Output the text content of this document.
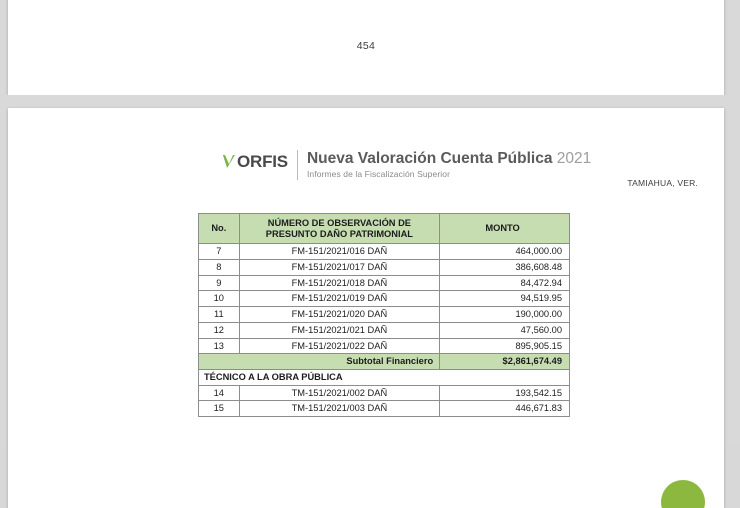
454
ORFIS Nueva Valoración Cuenta Pública 2021
Informes de la Fiscalización Superior
TAMIAHUA, VER.
No.	NÚMERO DE OBSERVACIÓN DE PRESUNTO DAÑO PATRIMONIAL	MONTO
7	FM-151/2021/016 DAÑ	464,000.00
8	FM-151/2021/017 DAÑ	386,608.48
9	FM-151/2021/018 DAÑ	84,472.94
10	FM-151/2021/019 DAÑ	94,519.95
11	FM-151/2021/020 DAÑ	190,000.00
12	FM-151/2021/021 DAÑ	47,560.00
13	FM-151/2021/022 DAÑ	895,905.15
Subtotal Financiero		$2,861,674.49
TÉCNICO A LA OBRA PÚBLICA		
14	TM-151/2021/002 DAÑ	193,542.15
15	TM-151/2021/003 DAÑ	446,671.83
